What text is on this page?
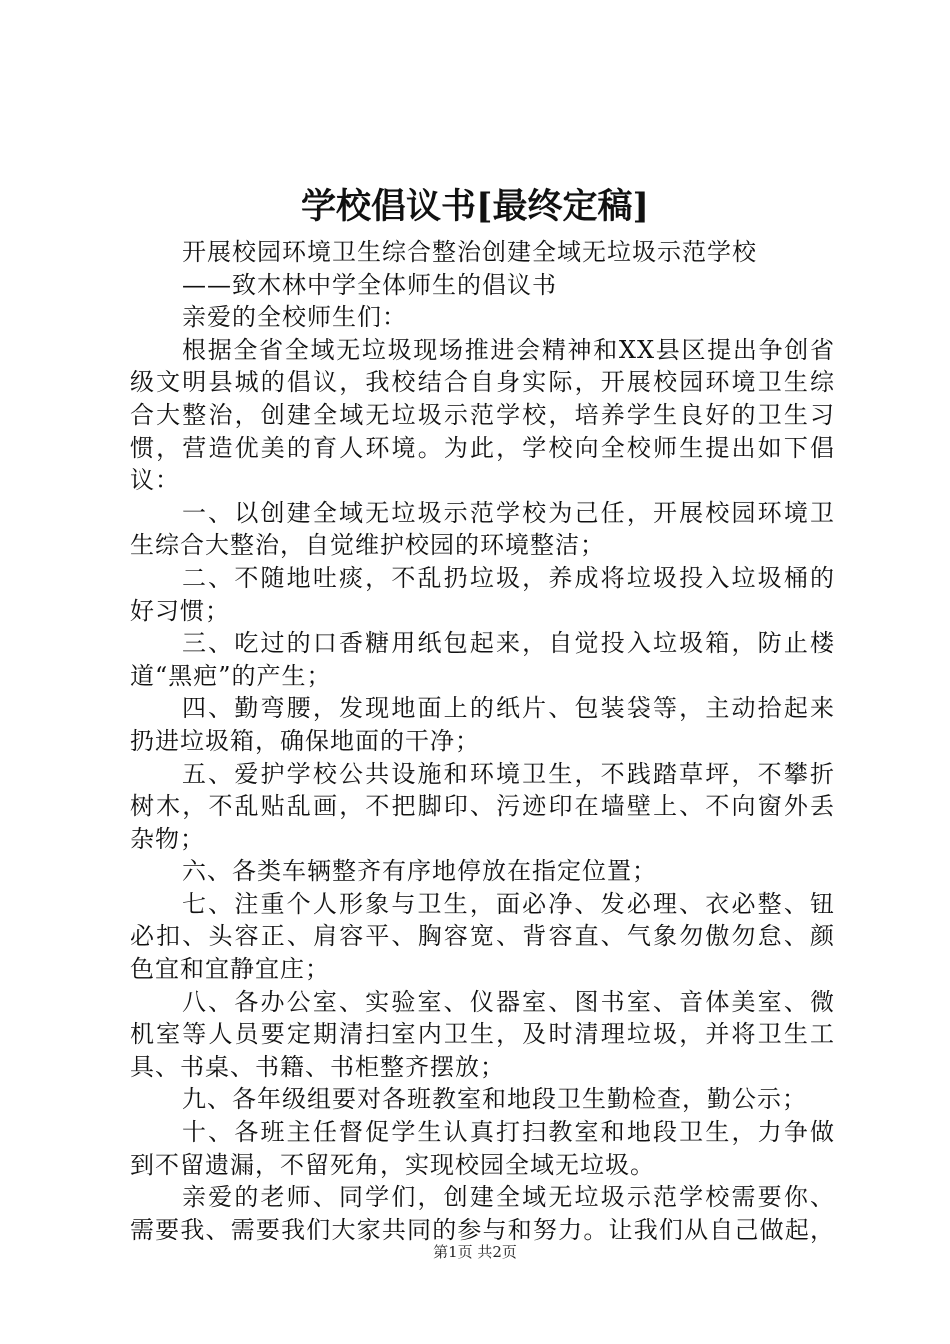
学校倡议书[最终定稿]
开展校园环境卫生综合整治创建全域无垃圾示范学校
——致木林中学全体师生的倡议书
亲爱的全校师生们：
根据全省全域无垃圾现场推进会精神和XX县区提出争创省
级文明县城的倡议，我校结合自身实际，开展校园环境卫生综
合大整治，创建全域无垃圾示范学校，培养学生良好的卫生习
惯，营造优美的育人环境。为此，学校向全校师生提出如下倡
议：
一、以创建全域无垃圾示范学校为己任，开展校园环境卫
生综合大整治，自觉维护校园的环境整洁；
二、不随地吐痰，不乱扔垃圾，养成将垃圾投入垃圾桶的
好习惯；
三、吃过的口香糖用纸包起来，自觉投入垃圾箱，防止楼
道“黑疤”的产生；
四、勤弯腰，发现地面上的纸片、包装袋等，主动拾起来
扔进垃圾箱，确保地面的干净；
五、爱护学校公共设施和环境卫生，不践踏草坪，不攀折
树木，不乱贴乱画，不把脚印、污迹印在墙壁上、不向窗外丢
杂物；
六、各类车辆整齐有序地停放在指定位置；
七、注重个人形象与卫生，面必净、发必理、衣必整、钮
必扣、头容正、肩容平、胸容宽、背容直、气象勿傲勿怠、颜
色宜和宜静宜庄；
八、各办公室、实验室、仪器室、图书室、音体美室、微
机室等人员要定期清扫室内卫生，及时清理垃圾，并将卫生工
具、书桌、书籍、书柜整齐摆放；
九、各年级组要对各班教室和地段卫生勤检查，勤公示；
十、各班主任督促学生认真打扫教室和地段卫生，力争做
到不留遗漏，不留死角，实现校园全域无垃圾。
亲爱的老师、同学们，创建全域无垃圾示范学校需要你、
需要我、需要我们大家共同的参与和努力。让我们从自己做起，
第1页 共2页
